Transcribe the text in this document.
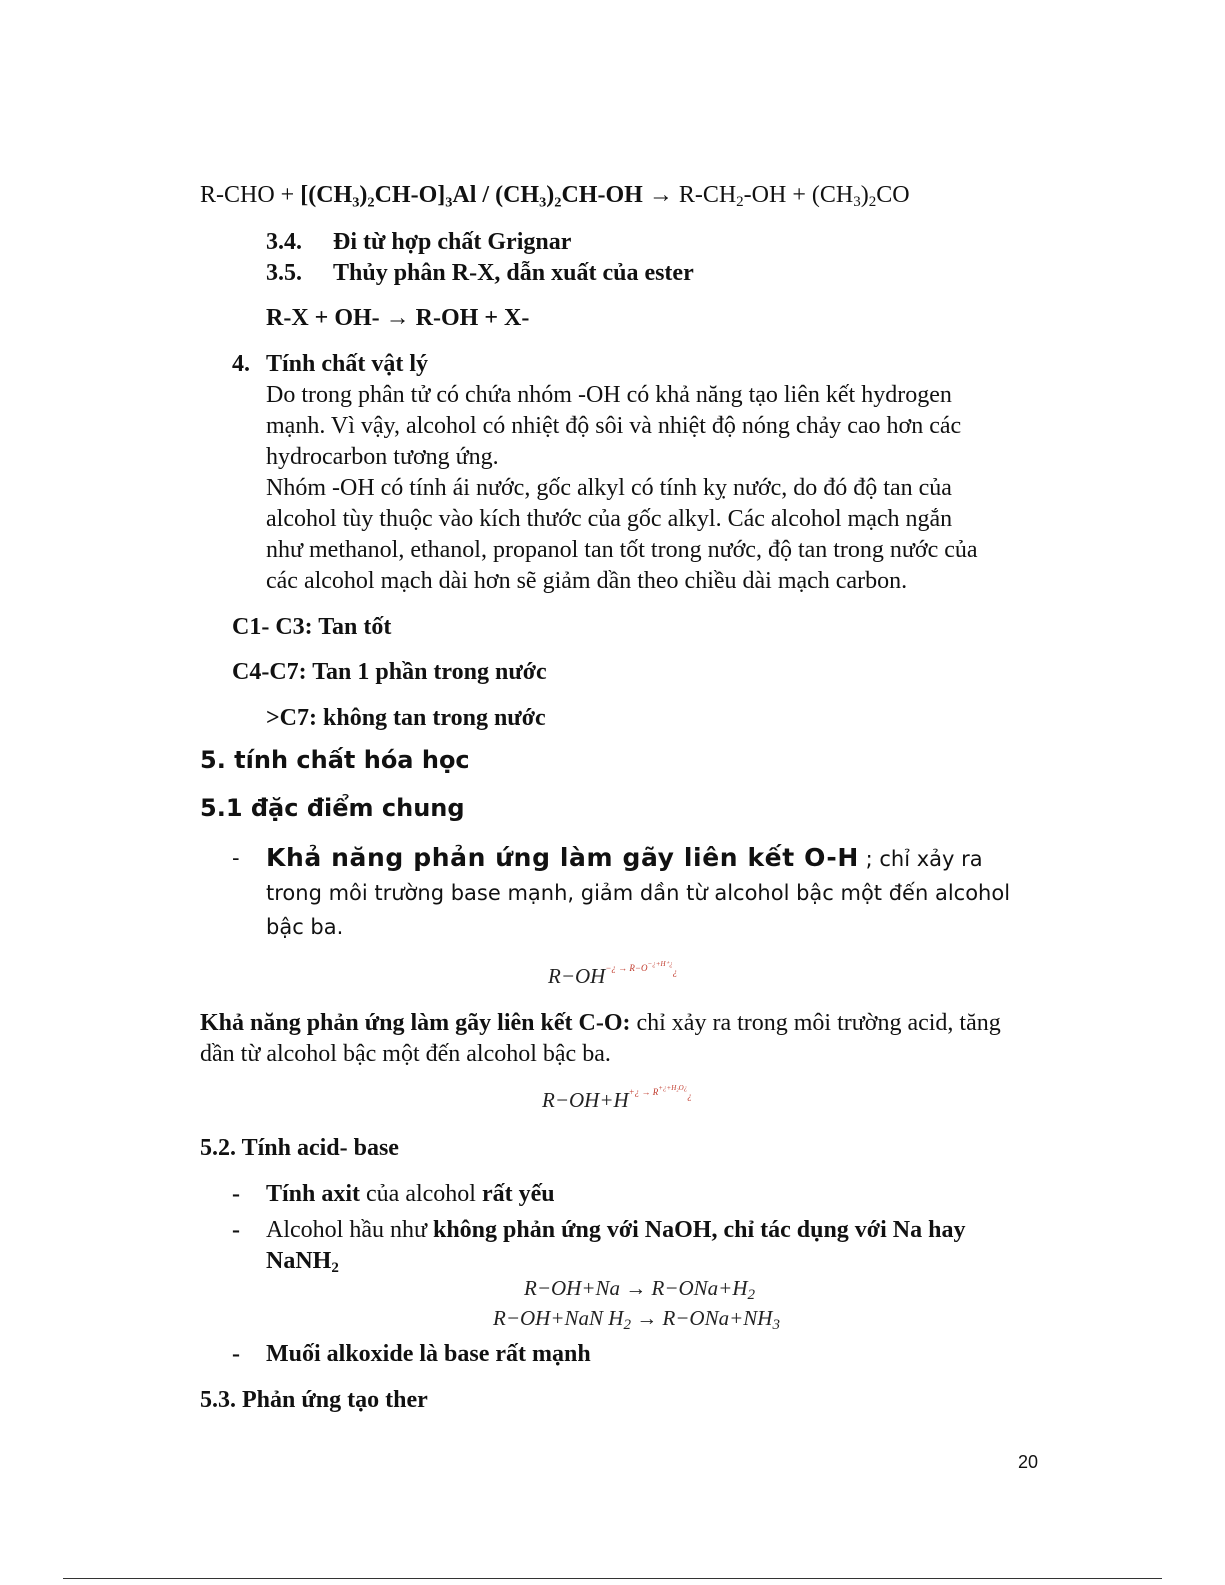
$R-CHO + [(CH_3)_2CH-O]_3Al / (CH_3)_2CH-OH \to R-CH_2-OH + (CH_3)_2CO$
3.4. Đi từ hợp chất Grignar
3.5. Thủy phân R-X, dẫn xuất của ester
R-X + OH- → R-OH + X-
4. Tính chất vật lý
Do trong phân tử có chứa nhóm -OH có khả năng tạo liên kết hydrogen
mạnh. Vì vậy, alcohol có nhiệt độ sôi và nhiệt độ nóng chảy cao hơn các
hydrocarbon tương ứng.
Nhóm -OH có tính ái nước, gốc alkyl có tính kỵ nước, do đó độ tan của
alcohol tùy thuộc vào kích thước của gốc alkyl. Các alcohol mạch ngắn
như methanol, ethanol, propanol tan tốt trong nước, độ tan trong nước của
các alcohol mạch dài hơn sẽ giảm dần theo chiều dài mạch carbon.
C1- C3: Tan tốt
C4-C7: Tan 1 phần trong nước
>C7: không tan trong nước
5. tính chất hóa học
5.1 đặc điểm chung
- Khả năng phản ứng làm gãy liên kết O-H ; chỉ xảy ra
trong môi trường base mạnh, giảm dần từ alcohol bậc một đến alcohol
bậc ba.
$R-OH^{-¿ \to R-O-¿+H^+¿¿}$
Khả năng phản ứng làm gãy liên kết C-O: chỉ xảy ra trong môi trường acid, tăng
dần từ alcohol bậc một đến alcohol bậc ba.
$R-OH+H^{+¿ \to R+¿+H_2O¿¿}$
5.2. Tính acid- base
- Tính axit của alcohol rất yếu
- Alcohol hầu như không phản ứng với NaOH, chỉ tác dụng với Na hay
NaNH$_2$
$R-OH+Na \to R-ONa+H_2$
R−OH+NaN $H_2 \to R-ONa+NH_3$
- Muối alkoxide là base rất mạnh
5.3. Phản ứng tạo ther
20
